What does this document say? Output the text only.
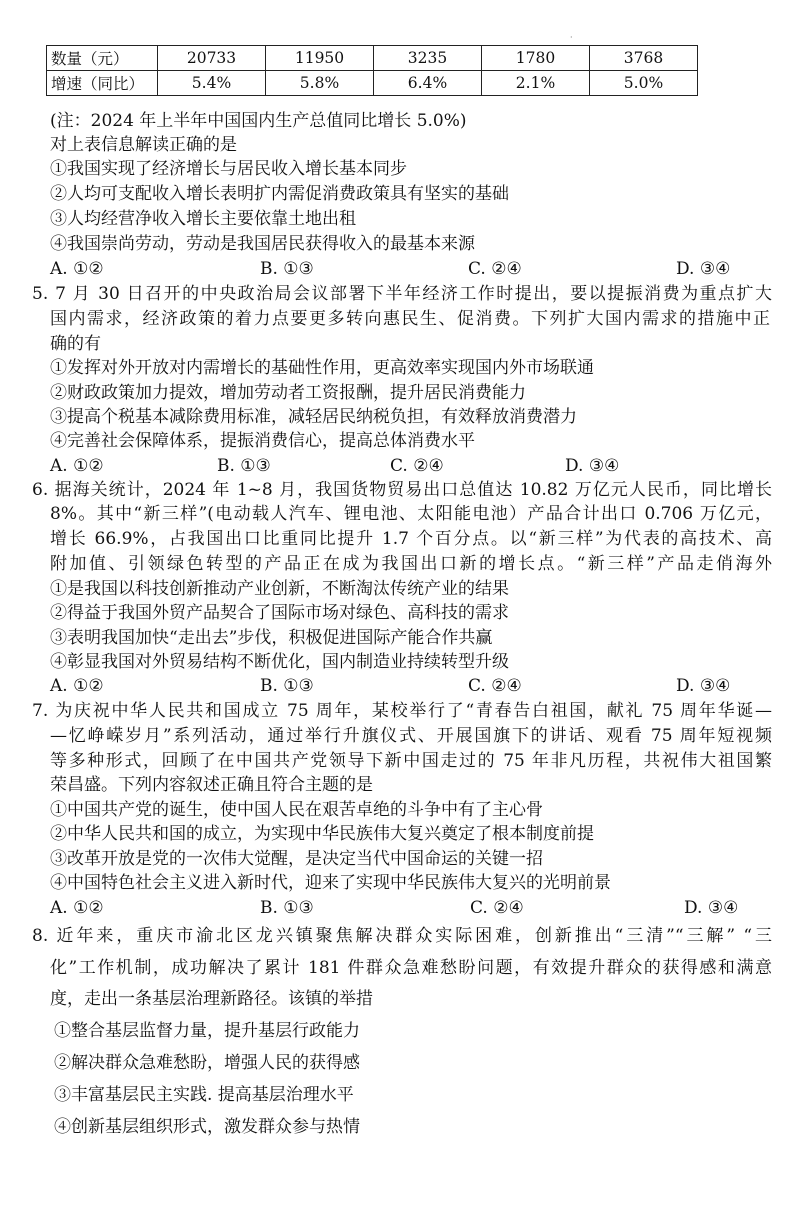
·
数量（元）	20733	11950	3235	1780	3768
增速（同比）	5.4%	5.8%	6.4%	2.1%	5.0%
(注：2024 年上半年中国国内生产总值同比增长 5.0%)
对上表信息解读正确的是
①我国实现了经济增长与居民收入增长基本同步
②人均可支配收入增长表明扩内需促消费政策具有坚实的基础
③人均经营净收入增长主要依靠土地出租
④我国崇尚劳动，劳动是我国居民获得收入的最基本来源
A. ①②	B. ①③	C. ②④	D. ③④
5. 7 月 30 日召开的中央政治局会议部署下半年经济工作时提出，要以提振消费为重点扩大
国内需求，经济政策的着力点要更多转向惠民生、促消费。下列扩大国内需求的措施中正
确的有
①发挥对外开放对内需增长的基础性作用，更高效率实现国内外市场联通
②财政政策加力提效，增加劳动者工资报酬，提升居民消费能力
③提高个税基本减除费用标准，减轻居民纳税负担，有效释放消费潜力
④完善社会保障体系，提振消费信心，提高总体消费水平
A. ①②	B. ①③	C. ②④	D. ③④
6. 据海关统计，2024 年 1~8 月，我国货物贸易出口总值达 10.82 万亿元人民币，同比增长
8%。其中“新三样”(电动载人汽车、锂电池、太阳能电池）产品合计出口 0.706 万亿元，
增长 66.9%，占我国出口比重同比提升 1.7 个百分点。以“新三样”为代表的高技术、高
附加值、引领绿色转型的产品正在成为我国出口新的增长点。“新三样”产品走俏海外
①是我国以科技创新推动产业创新，不断淘汰传统产业的结果
②得益于我国外贸产品契合了国际市场对绿色、高科技的需求
③表明我国加快“走出去”步伐，积极促进国际产能合作共赢
④彰显我国对外贸易结构不断优化，国内制造业持续转型升级
A. ①②	B. ①③	C. ②④	D. ③④
7. 为庆祝中华人民共和国成立 75 周年，某校举行了“青春告白祖国，献礼 75 周年华诞—
—忆峥嵘岁月”系列活动，通过举行升旗仪式、开展国旗下的讲话、观看 75 周年短视频
等多种形式，回顾了在中国共产党领导下新中国走过的 75 年非凡历程，共祝伟大祖国繁
荣昌盛。下列内容叙述正确且符合主题的是
①中国共产党的诞生，使中国人民在艰苦卓绝的斗争中有了主心骨
②中华人民共和国的成立，为实现中华民族伟大复兴奠定了根本制度前提
③改革开放是党的一次伟大觉醒，是决定当代中国命运的关键一招
④中国特色社会主义进入新时代，迎来了实现中华民族伟大复兴的光明前景
A. ①②	B. ①③	C. ②④	D. ③④
8. 近年来，重庆市渝北区龙兴镇聚焦解决群众实际困难，创新推出“三清”“三解” “三
化”工作机制，成功解决了累计 181 件群众急难愁盼问题，有效提升群众的获得感和满意
度，走出一条基层治理新路径。该镇的举措
①整合基层监督力量，提升基层行政能力
②解决群众急难愁盼，增强人民的获得感
③丰富基层民主实践. 提高基层治理水平
④创新基层组织形式，激发群众参与热情
